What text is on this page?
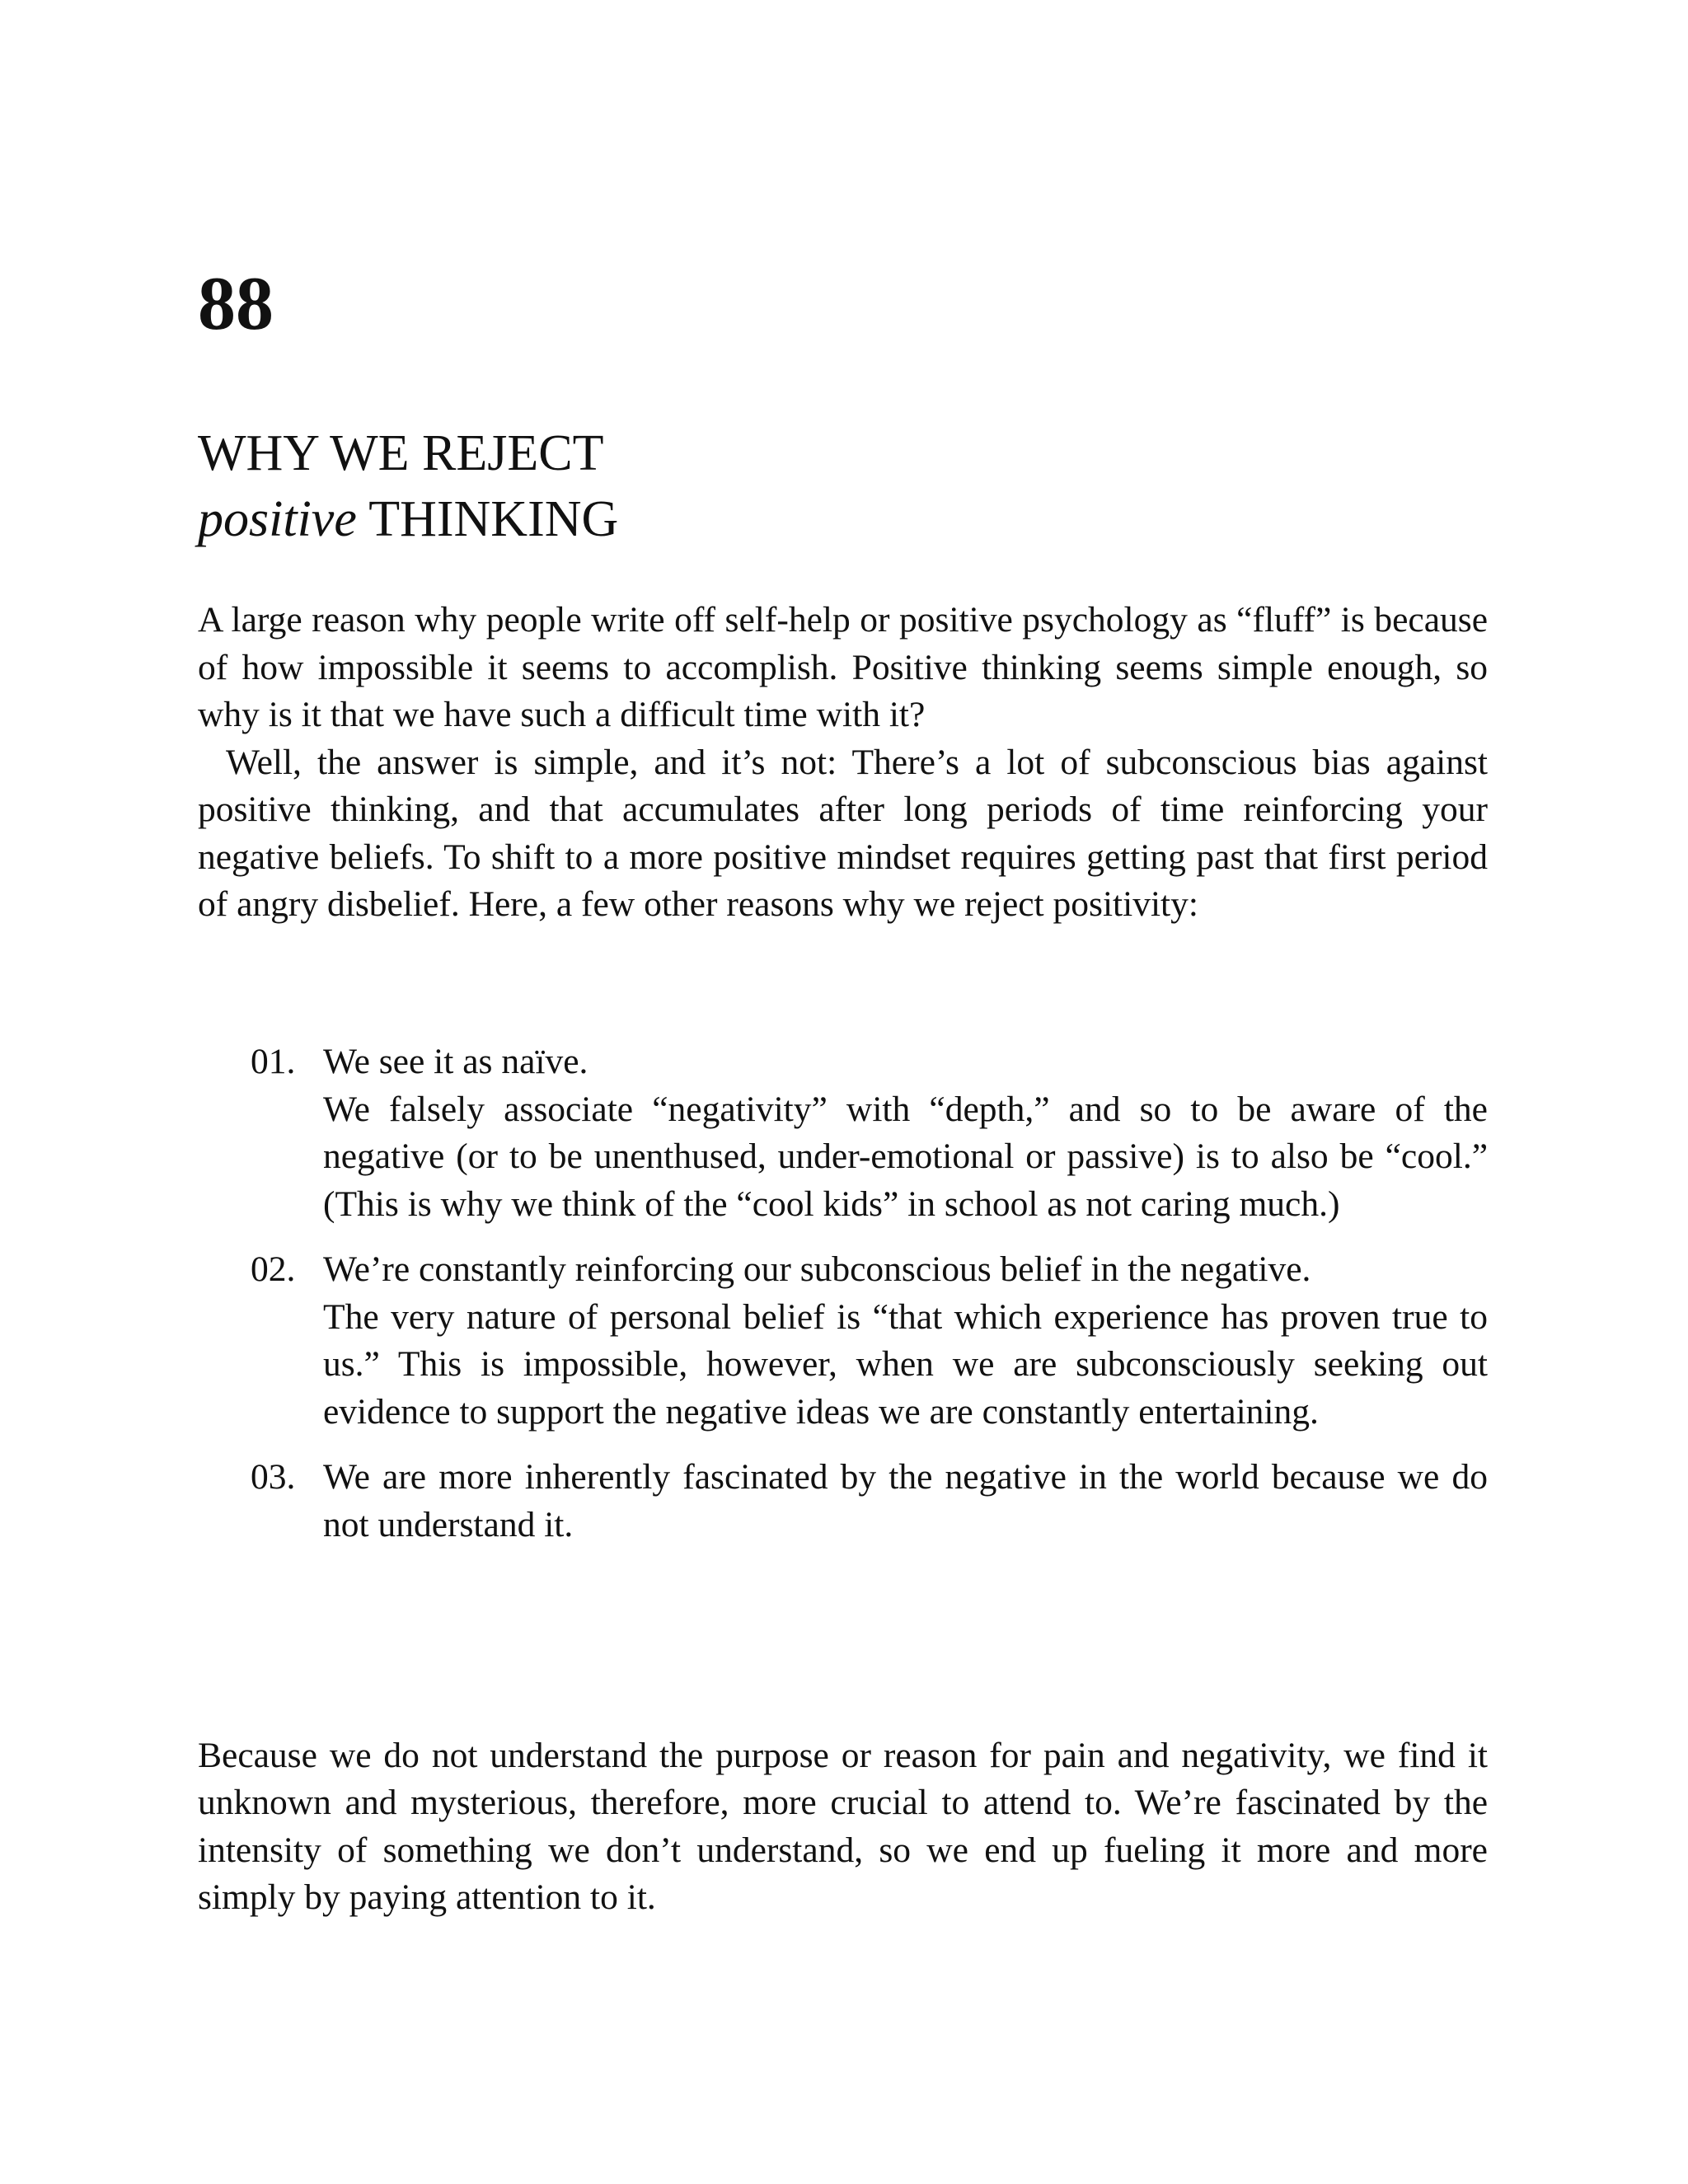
88
WHY WE REJECT
positive THINKING

A large reason why people write off self-help or positive psychology as “fluff” is because of how impossible it seems to accomplish. Positive thinking seems simple enough, so why is it that we have such a difficult time with it?

Well, the answer is simple, and it’s not: There’s a lot of subconscious bias against positive thinking, and that accumulates after long periods of time reinforcing your negative beliefs. To shift to a more positive mindset requires getting past that first period of angry disbelief. Here, a few other reasons why we reject positivity:

01. We see it as naïve.
We falsely associate “negativity” with “depth,” and so to be aware of the negative (or to be unenthused, under-emotional or passive) is to also be “cool.” (This is why we think of the “cool kids” in school as not caring much.)
02. We’re constantly reinforcing our subconscious belief in the negative.
The very nature of personal belief is “that which experience has proven true to us.” This is impossible, however, when we are subconsciously seeking out evidence to support the negative ideas we are constantly entertaining.
03. We are more inherently fascinated by the negative in the world because we do not understand it.

Because we do not understand the purpose or reason for pain and negativity, we find it unknown and mysterious, therefore, more crucial to attend to. We’re fascinated by the intensity of something we don’t understand, so we end up fueling it more and more simply by paying attention to it.
